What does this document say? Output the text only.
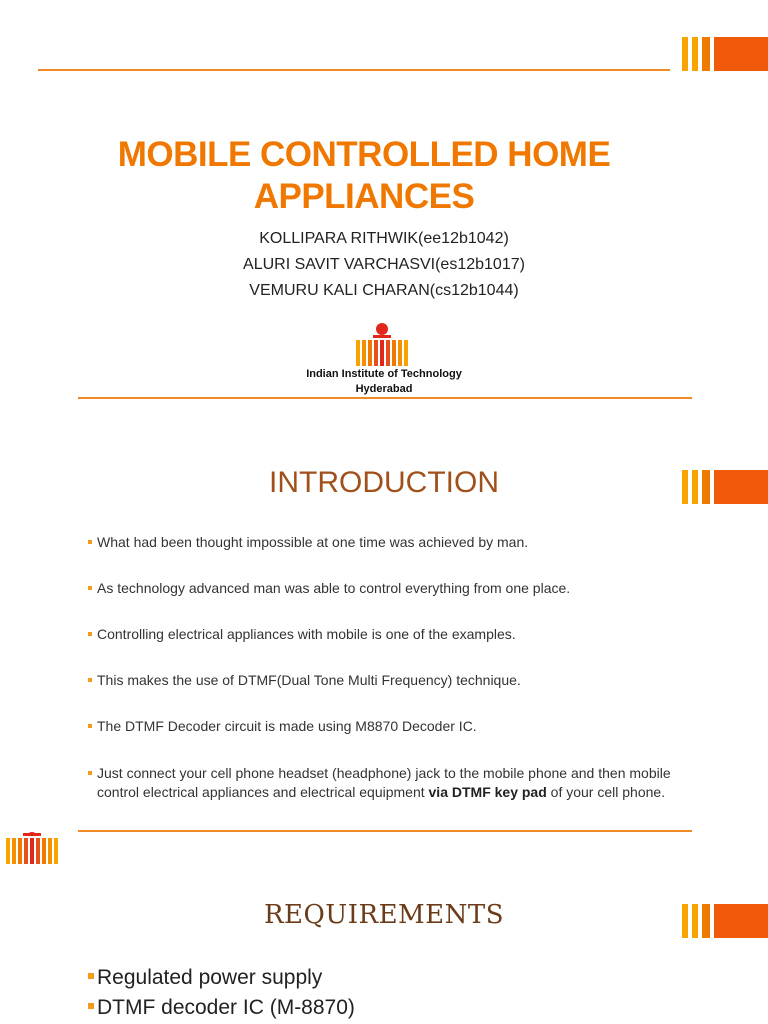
MOBILE CONTROLLED HOME APPLIANCES
KOLLIPARA RITHWIK(ee12b1042)
ALURI SAVIT VARCHASVI(es12b1017)
VEMURU KALI CHARAN(cs12b1044)
Indian Institute of Technology
Hyderabad
INTRODUCTION
What had been thought impossible at one time was achieved by man.
As technology advanced man was able to control everything from one place.
Controlling electrical appliances with mobile is one of the examples.
This makes the use of DTMF(Dual Tone Multi Frequency) technique.
The DTMF Decoder circuit is made using M8870 Decoder IC.
Just connect your cell phone headset (headphone) jack to the mobile phone and then mobile control electrical appliances and electrical equipment via DTMF key pad of your cell phone.
REQUIREMENTS
Regulated power supply
DTMF decoder IC (M-8870)
